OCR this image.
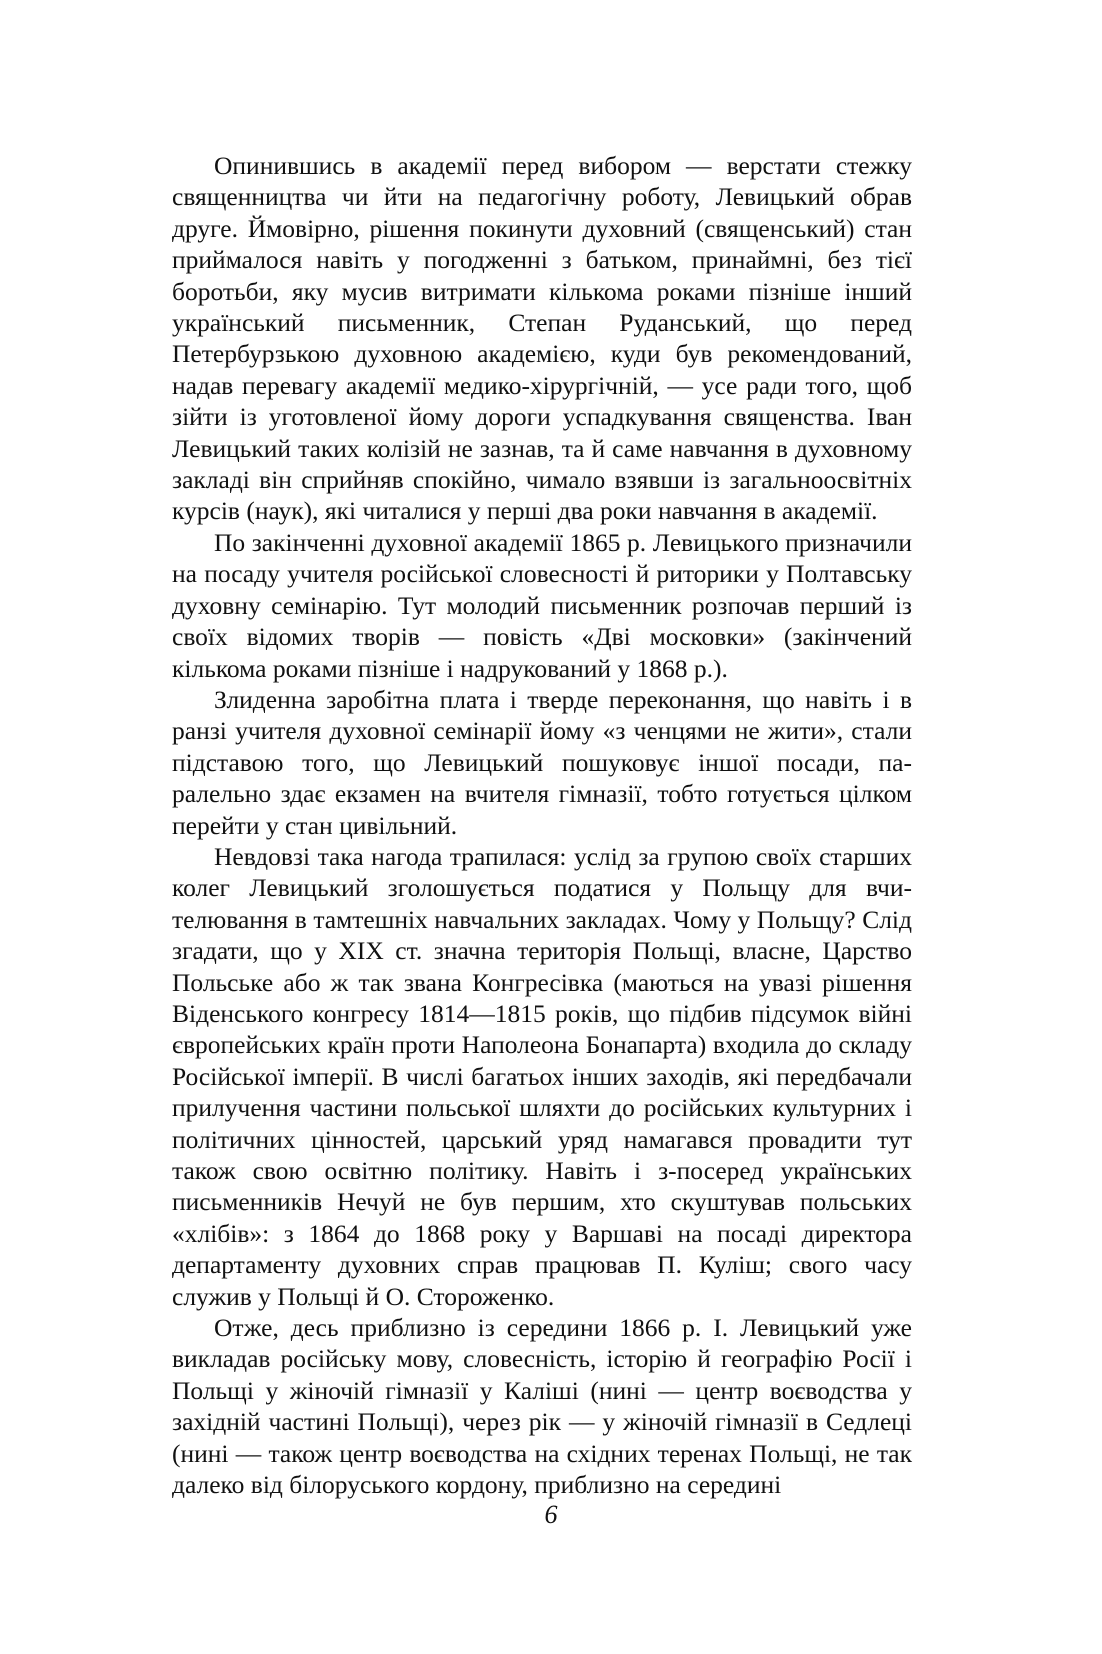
Опинившись в академії перед вибором — верстати стежку священництва чи йти на педагогічну роботу, Левицький обрав друге. Ймовірно, рішення покинути духовний (священський) стан приймалося навіть у погодженні з батьком, принаймні, без тієї боротьби, яку мусив витримати кількома роками пізніше інший український письменник, Степан Руданський, що перед Петербурзькою духовною академією, куди був рекомендований, надав перевагу академії медико-хірургічній, — усе ради того, щоб зійти із уготовленої йому дороги успадкування священства. Іван Левицький таких колізій не зазнав, та й саме навчання в духовному закладі він сприйняв спокійно, чимало взявши із загальноосвітніх курсів (наук), які читалися у перші два роки навчання в академії.

По закінченні духовної академії 1865 р. Левицького призначили на посаду учителя російської словесності й риторики у Полтавську духовну семінарію. Тут молодий письменник розпочав перший із своїх відомих творів — повість «Дві московки» (закінчений кількома роками пізніше і надрукований у 1868 р.).

Злиденна заробітна плата і тверде переконання, що навіть і в ранзі учителя духовної семінарії йому «з ченцями не жити», стали підставою того, що Левицький пошуковує іншої посади, паралельно здає екзамен на вчителя гімназії, тобто готується цілком перейти у стан цивільний.

Невдовзі така нагода трапилася: услід за групою своїх старших колег Левицький зголошується податися у Польщу для вчителювання в тамтешніх навчальних закладах. Чому у Польщу? Слід згадати, що у XIX ст. значна територія Польщі, власне, Царство Польське або ж так звана Конгресівка (маються на увазі рішення Віденського конгресу 1814—1815 років, що підбив підсумок війні європейських країн проти Наполеона Бонапарта) входила до складу Російської імперії. В числі багатьох інших заходів, які передбачали прилучення частини польської шляхти до російських культурних і політичних цінностей, царський уряд намагався провадити тут також свою освітню політику. Навіть і з-посеред українських письменників Нечуй не був першим, хто скуштував польських «хлібів»: з 1864 до 1868 року у Варшаві на посаді директора департаменту духовних справ працював П. Куліш; свого часу служив у Польщі й О. Стороженко.

Отже, десь приблизно із середини 1866 р. І. Левицький уже викладав російську мову, словесність, історію й географію Росії і Польщі у жіночій гімназії у Каліші (нині — центр воєводства у західній частині Польщі), через рік — у жіночій гімназії в Седлеці (нині — також центр воєводства на східних теренах Польщі, не так далеко від білоруського кордону, приблизно на середині

6
